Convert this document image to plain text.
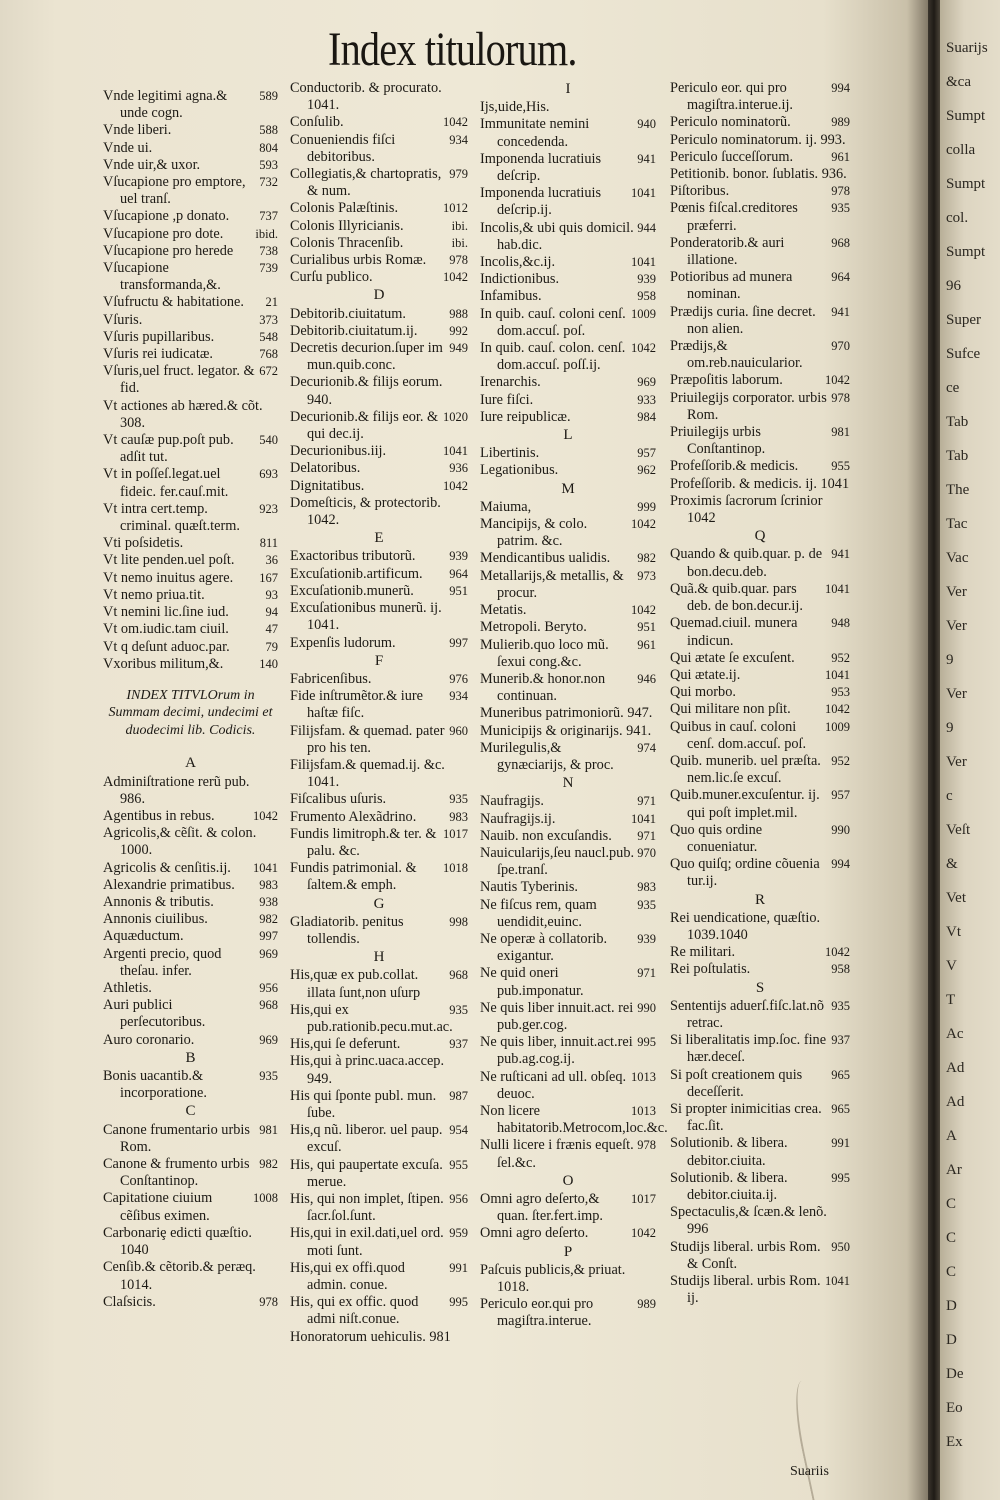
Index titulorum.
589
Vnde legitimi agna.& unde cogn.
588
Vnde liberi.
804
Vnde ui.
593
Vnde uir,& uxor.
732
Vſucapione pro emptore, uel tranſ.
737
Vſucapione ,p donato.
ibid.
Vſucapione pro dote.
738
Vſucapione pro herede
739
Vſucapione transformanda,&.
21
Vſufructu & habitatione.
373
Vſuris.
548
Vſuris pupillaribus.
768
Vſuris rei iudicatæ.
672
Vſuris,uel fruct. legator. & fid.
Vt actiones ab hæred.& cõt. 308.
540
Vt cauſæ pup.poſt pub. adſit tut.
693
Vt in poſſeſ.legat.uel fideic. fer.cauſ.mit.
923
Vt intra cert.temp. criminal. quæſt.term.
811
Vti poſsidetis.
36
Vt lite penden.uel poſt.
167
Vt nemo inuitus agere.
93
Vt nemo priua.tit.
94
Vt nemini lic.ſine iud.
47
Vt om.iudic.tam ciuil.
79
Vt q deſunt aduoc.par.
140
Vxoribus militum,&.
INDEX TITVLOrum in Summam decimi, undecimi et duodecimi lib. Codicis.
A
Adminiſtratione rerũ pub. 986.
1042
Agentibus in rebus.
Agricolis,& cẽſit. & colon. 1000.
1041
Agricolis & cenſitis.ij.
983
Alexandrie primatibus.
938
Annonis & tributis.
982
Annonis ciuilibus.
997
Aquæductum.
969
Argenti precio, quod theſau. infer.
956
Athletis.
968
Auri publici perſecutoribus.
969
Auro coronario.
B
935
Bonis uacantib.& incorporatione.
C
981
Canone frumentario urbis Rom.
982
Canone & frumento urbis Conſtantinop.
1008
Capitatione ciuium cẽſibus eximen.
Carbonariȩ edicti quæſtio. 1040
Cenſib.& cẽtorib.& peræq. 1014.
978
Claſsicis.
Conductorib. & procurato. 1041.
1042
Conſulib.
934
Conueniendis fiſci debitoribus.
979
Collegiatis,& chartopratis, & num.
1012
Colonis Palæſtinis.
ibi.
Colonis Illyricianis.
ibi.
Colonis Thracenſib.
978
Curialibus urbis Romæ.
1042
Curſu publico.
D
988
Debitorib.ciuitatum.
992
Debitorib.ciuitatum.ij.
949
Decretis decurion.ſuper im mun.quib.conc.
Decurionib.& filijs eorum. 940.
1020
Decurionib.& filijs eor. & qui dec.ij.
1041
Decurionibus.iij.
936
Delatoribus.
1042
Dignitatibus.
Domeſticis, & protectorib. 1042.
E
939
Exactoribus tributorũ.
964
Excuſationib.artificum.
951
Excuſationib.munerũ.
Excuſationibus munerũ. ij. 1041.
997
Expenſis ludorum.
F
976
Fabricenſibus.
934
Fide inſtrumẽtor.& iure haſtæ fiſc.
960
Filijsfam. & quemad. pater pro his ten.
Filijsfam.& quemad.ij. &c. 1041.
935
Fiſcalibus uſuris.
983
Frumento Alexãdrino.
1017
Fundis limitroph.& ter. & palu. &c.
1018
Fundis patrimonial. & ſaltem.& emph.
G
998
Gladiatorib. penitus tollendis.
H
968
His,quæ ex pub.collat. illata ſunt,non uſurp
935
His,qui ex pub.rationib.pecu.mut.ac.
937
His,qui ſe deferunt.
His,qui à princ.uaca.accep. 949.
987
His qui ſponte publ. mun. ſube.
954
His,q nũ. liberor. uel paup. excuſ.
955
His, qui paupertate excuſa. merue.
956
His, qui non implet, ſtipen. ſacr.ſol.ſunt.
959
His,qui in exil.dati,uel ord. moti ſunt.
991
His,qui ex offi.quod admin. conue.
995
His, qui ex offic. quod admi niſt.conue.
Honoratorum uehiculis. 981
I
Ijs,uide,His.
940
Immunitate nemini concedenda.
941
Imponenda lucratiuis deſcrip.
1041
Imponenda lucratiuis deſcrip.ij.
944
Incolis,& ubi quis domicil. hab.dic.
1041
Incolis,&c.ij.
939
Indictionibus.
958
Infamibus.
1009
In quib. cauſ. coloni cenſ. dom.accuſ. poſ.
1042
In quib. cauſ. colon. cenſ. dom.accuſ. poſſ.ij.
969
Irenarchis.
933
Iure fiſci.
984
Iure reipublicæ.
L
957
Libertinis.
962
Legationibus.
M
999
Maiuma,
1042
Mancipijs, & colo. patrim. &c.
982
Mendicantibus ualidis.
973
Metallarijs,& metallis, & procur.
1042
Metatis.
951
Metropoli. Beryto.
961
Mulierib.quo loco mũ. ſexui cong.&c.
946
Munerib.& honor.non continuan.
Muneribus patrimoniorũ. 947.
Municipijs & originarijs. 941.
974
Murilegulis,& gynæciarijs, & proc.
N
971
Naufragijs.
1041
Naufragijs.ij.
971
Nauib. non excuſandis.
970
Nauicularijs,ſeu naucl.pub. ſpe.tranſ.
983
Nautis Tyberinis.
935
Ne fiſcus rem, quam uendidit,euinc.
939
Ne operæ à collatorib. exigantur.
971
Ne quid oneri pub.imponatur.
990
Ne quis liber innuit.act. rei pub.ger.cog.
995
Ne quis liber, innuit.act.rei pub.ag.cog.ij.
1013
Ne ruſticani ad ull. obſeq. deuoc.
1013
Non licere habitatorib.Metrocom,loc.&c.
978
Nulli licere i frænis equeſt. ſel.&c.
O
1017
Omni agro deſerto,& quan. ſter.fert.imp.
1042
Omni agro deſerto.
P
Paſcuis publicis,& priuat. 1018.
989
Periculo eor.qui pro magiſtra.interue.
994
Periculo eor. qui pro magiſtra.interue.ij.
989
Periculo nominatorũ.
Periculo nominatorum. ij. 993.
961
Periculo ſucceſſorum.
Petitionib. bonor. ſublatis. 936.
978
Piſtoribus.
935
Pœnis fiſcal.creditores præferri.
968
Ponderatorib.& auri illatione.
964
Potioribus ad munera nominan.
941
Prædijs curia. ſine decret. non alien.
970
Prædijs,& om.reb.nauicularior.
1042
Præpoſitis laborum.
978
Priuilegijs corporator. urbis Rom.
981
Priuilegijs urbis Conſtantinop.
955
Profeſſorib.& medicis.
Profeſſorib. & medicis. ij. 1041
Proximis ſacrorum ſcrinior 1042
Q
941
Quando & quib.quar. p. de bon.decu.deb.
1041
Quã.& quib.quar. pars deb. de bon.decur.ij.
948
Quemad.ciuil. munera indicun.
952
Qui ætate ſe excuſent.
1041
Qui ætate.ij.
953
Qui morbo.
1042
Qui militare non pſit.
1009
Quibus in cauſ. coloni cenſ. dom.accuſ. poſ.
952
Quib. munerib. uel præſta. nem.lic.ſe excuſ.
957
Quib.muner.excuſentur. ij. qui poſt implet.mil.
990
Quo quis ordine conueniatur.
994
Quo quiſq; ordine cõuenia tur.ij.
R
Rei uendicatione, quæſtio. 1039.1040
1042
Re militari.
958
Rei poſtulatis.
S
935
Sententijs aduerſ.fiſc.lat.nõ retrac.
937
Si liberalitatis imp.ſoc. fine hær.deceſ.
965
Si poſt creationem quis deceſſerit.
965
Si propter inimicitias crea. fac.ſit.
991
Solutionib. & libera. debitor.ciuita.
995
Solutionib. & libera. debitor.ciuita.ij.
Spectaculis,& ſcæn.& lenõ. 996
950
Studijs liberal. urbis Rom. & Conſt.
1041
Studijs liberal. urbis Rom. ij.
Suariis
Suarijs
&ca
Sumpt
colla
Sumpt
col.
Sumpt
96
Super
Sufce
ce
Tab
Tab
The
Tac
Vac
Ver
Ver
9
Ver
9
Ver
c
Veſt
&
Vet
Vt
V
T
Ac
Ad
Ad
A
Ar
C
C
C
D
D
De
Eo
Ex
